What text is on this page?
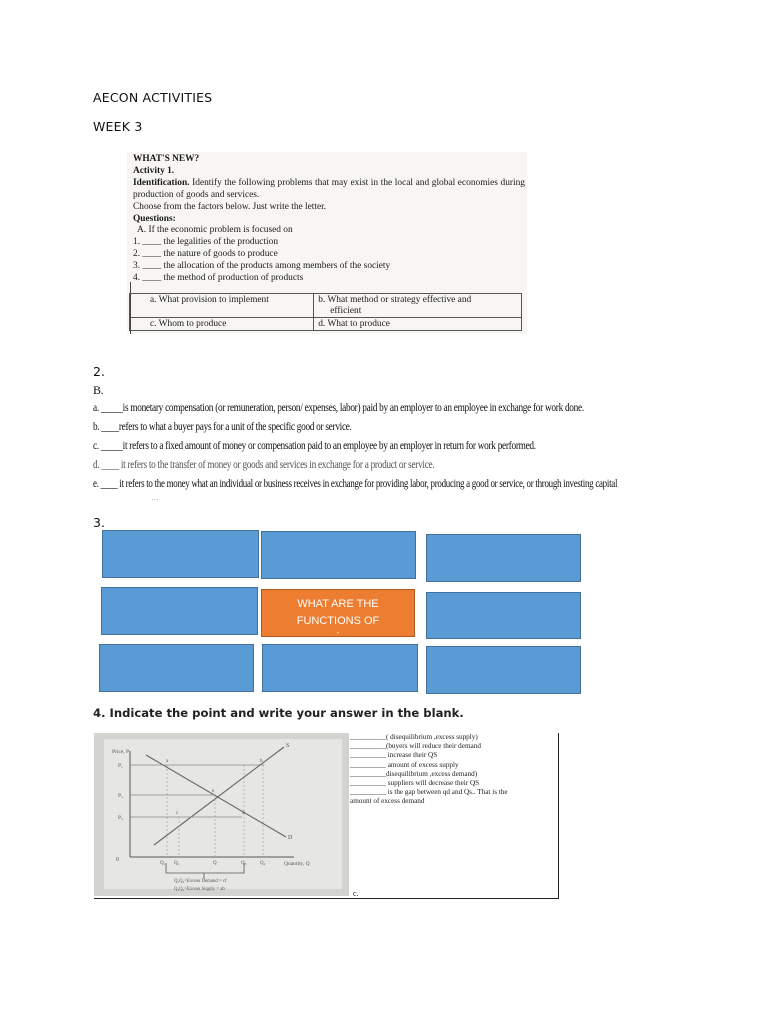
AECON ACTIVITIES
WEEK 3
WHAT'S NEW?
Activity 1.
Identification. Identify the following problems that may exist in the local and global economies during production of goods and services.
Choose from the factors below. Just write the letter.
Questions:
A. If the economic problem is focused on
1. ____ the legalities of the production
2. ____ the nature of goods to produce
3. ____ the allocation of the products among members of the society
4. ____ the method of production of products
a. What provision to implement	b. What method or strategy effective and
efficient

c. Whom to produce	d. What to produce
2.
B.
a. _____is monetary compensation (or remuneration, person/ expenses, labor) paid by an employer to an employee in exchange for work done.
b. ____refers to what a buyer pays for a unit of the specific good or service.
c. _____it refers to a fixed amount of money or compensation paid to an employee by an employer in return for work performed.
d. ____ it refers to the transfer of money or goods and services in exchange for a product or service.
e. ____ it refers to the money what an individual or business receives in exchange for providing labor, producing a good or service, or through investing capital
…
3.
WHAT ARE THE
FUNCTIONS OF
-
4. Indicate the point and write your answer in the blank.
Price, P
Quantity, Q
S
D
0
P₁
P₂
P₃
Q₁ Q₂	Q	Q₃	Q₄
a	b
e
c	d
Q₁Q₂=Excess Demand = cf
Q₃Q₄=Excess Supply = ab
__________( disequilibrium ,excess supply)
__________(buyers will reduce their demand
__________ increase their QS
__________ amount of excess supply
__________disequilibrium ,excess demand)
__________ suppliers will decrease their QS
__________ is the gap between qd and Qs.. That is the
amount of excess demand
c.
